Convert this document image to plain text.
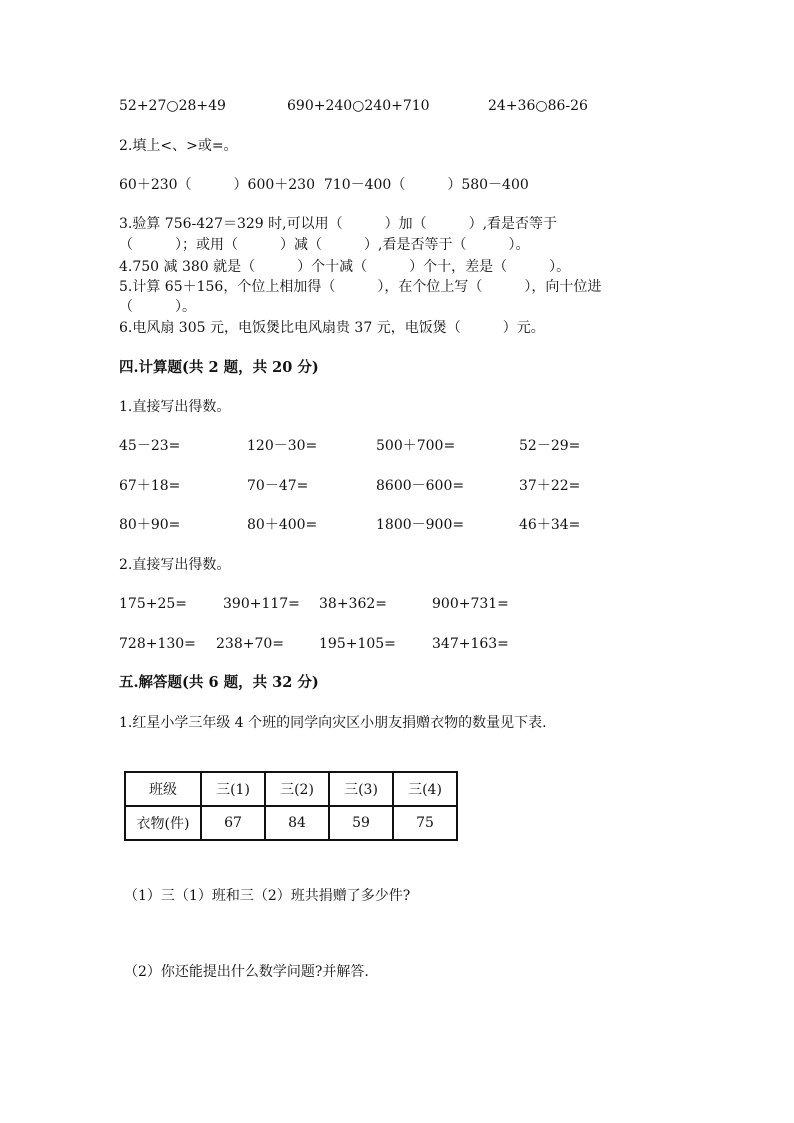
52+27○28+49	690+240○240+710	24+36○86-26
2.填上<、>或=。
60＋230（　　　）600＋230  710－400（　　　）580－400
3.验算 756-427＝329 时,可以用（　　　）加（　　　）,看是否等于
（　　　）；或用（　　　）减（　　　）,看是否等于（　　　）。
4.750 减 380 就是（　　　）个十减（　　　）个十，差是（　　　）。
5.计算 65＋156，个位上相加得（　　　），在个位上写（　　　），向十位进
（　　　）。
6.电风扇 305 元，电饭煲比电风扇贵 37 元，电饭煲（　　　）元。
四.计算题(共 2 题，共 20 分)
1.直接写出得数。
45－23=	120－30=	500＋700=	52－29=
67＋18=	70－47=	8600－600=	37＋22=
80＋90=	80＋400=	1800－900=	46＋34=
2.直接写出得数。
175+25=	390+117= 38+362=	900+731=
728+130= 238+70=	195+105=	347+163=
五.解答题(共 6 题，共 32 分)
1.红星小学三年级 4 个班的同学向灾区小朋友捐赠衣物的数量见下表.
班级	三(1)	三(2)	三(3)	三(4)
衣物(件)	67	84	59	75
（1）三（1）班和三（2）班共捐赠了多少件?
（2）你还能提出什么数学问题?并解答.
